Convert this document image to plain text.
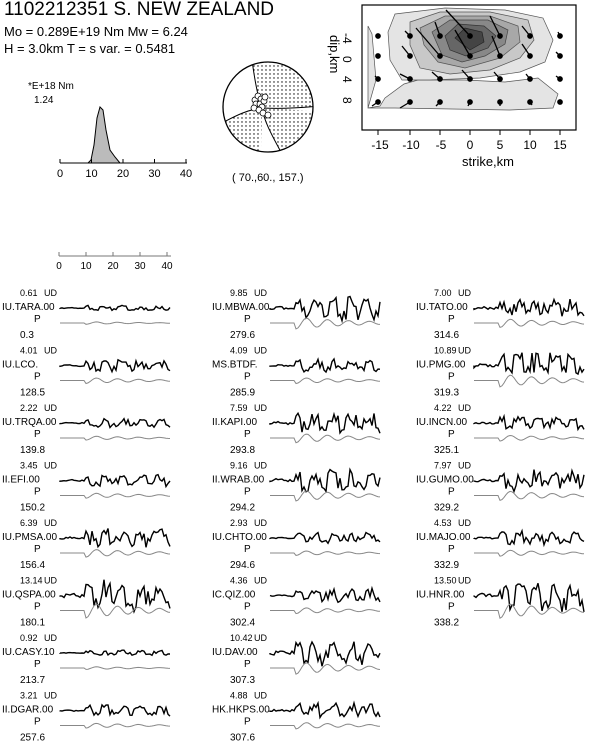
1102212351 S. NEW ZEALAND
Mo = 0.289E+19 Nm Mw = 6.24
H = 3.0km T = s var. = 0.5481
*E+18 Nm
1.24
0 10 20 30 40	( 70.,60., 157.)
dip,km
-4
0
4
8
-15 -10 -5 0 5 10 15
strike,km
0 10 20 30 40
0.61 UD
IU.TARA.00
P
0.3
4.01 UD
IU.LCO.
P
128.5
2.22 UD
IU.TRQA.00
P
139.8
3.45 UD
II.EFI.00
P
150.2
6.39 UD
IU.PMSA.00
P
156.4
13.14 UD
IU.QSPA.00
P
180.1
0.92 UD
IU.CASY.10
P
213.7
3.21 UD
II.DGAR.00
P
257.6
9.85 UD
IU.MBWA.00
P
279.6
4.09 UD
MS.BTDF.
P
285.9
7.59 UD
II.KAPI.00
P
293.8
9.16 UD
II.WRAB.00
P
294.2
2.93 UD
IU.CHTO.00
P
294.6
4.36 UD
IC.QIZ.00
P
302.4
10.42 UD
IU.DAV.00
P
307.3
4.88 UD
HK.HKPS.00
P
307.6
7.00 UD
IU.TATO.00
P
314.6
10.89 UD
IU.PMG.00
P
319.3
4.22 UD
IU.INCN.00
P
325.1
7.97 UD
IU.GUMO.00
P
329.2
4.53 UD
IU.MAJO.00
P
332.9
13.50 UD
IU.HNR.00
P
338.2
